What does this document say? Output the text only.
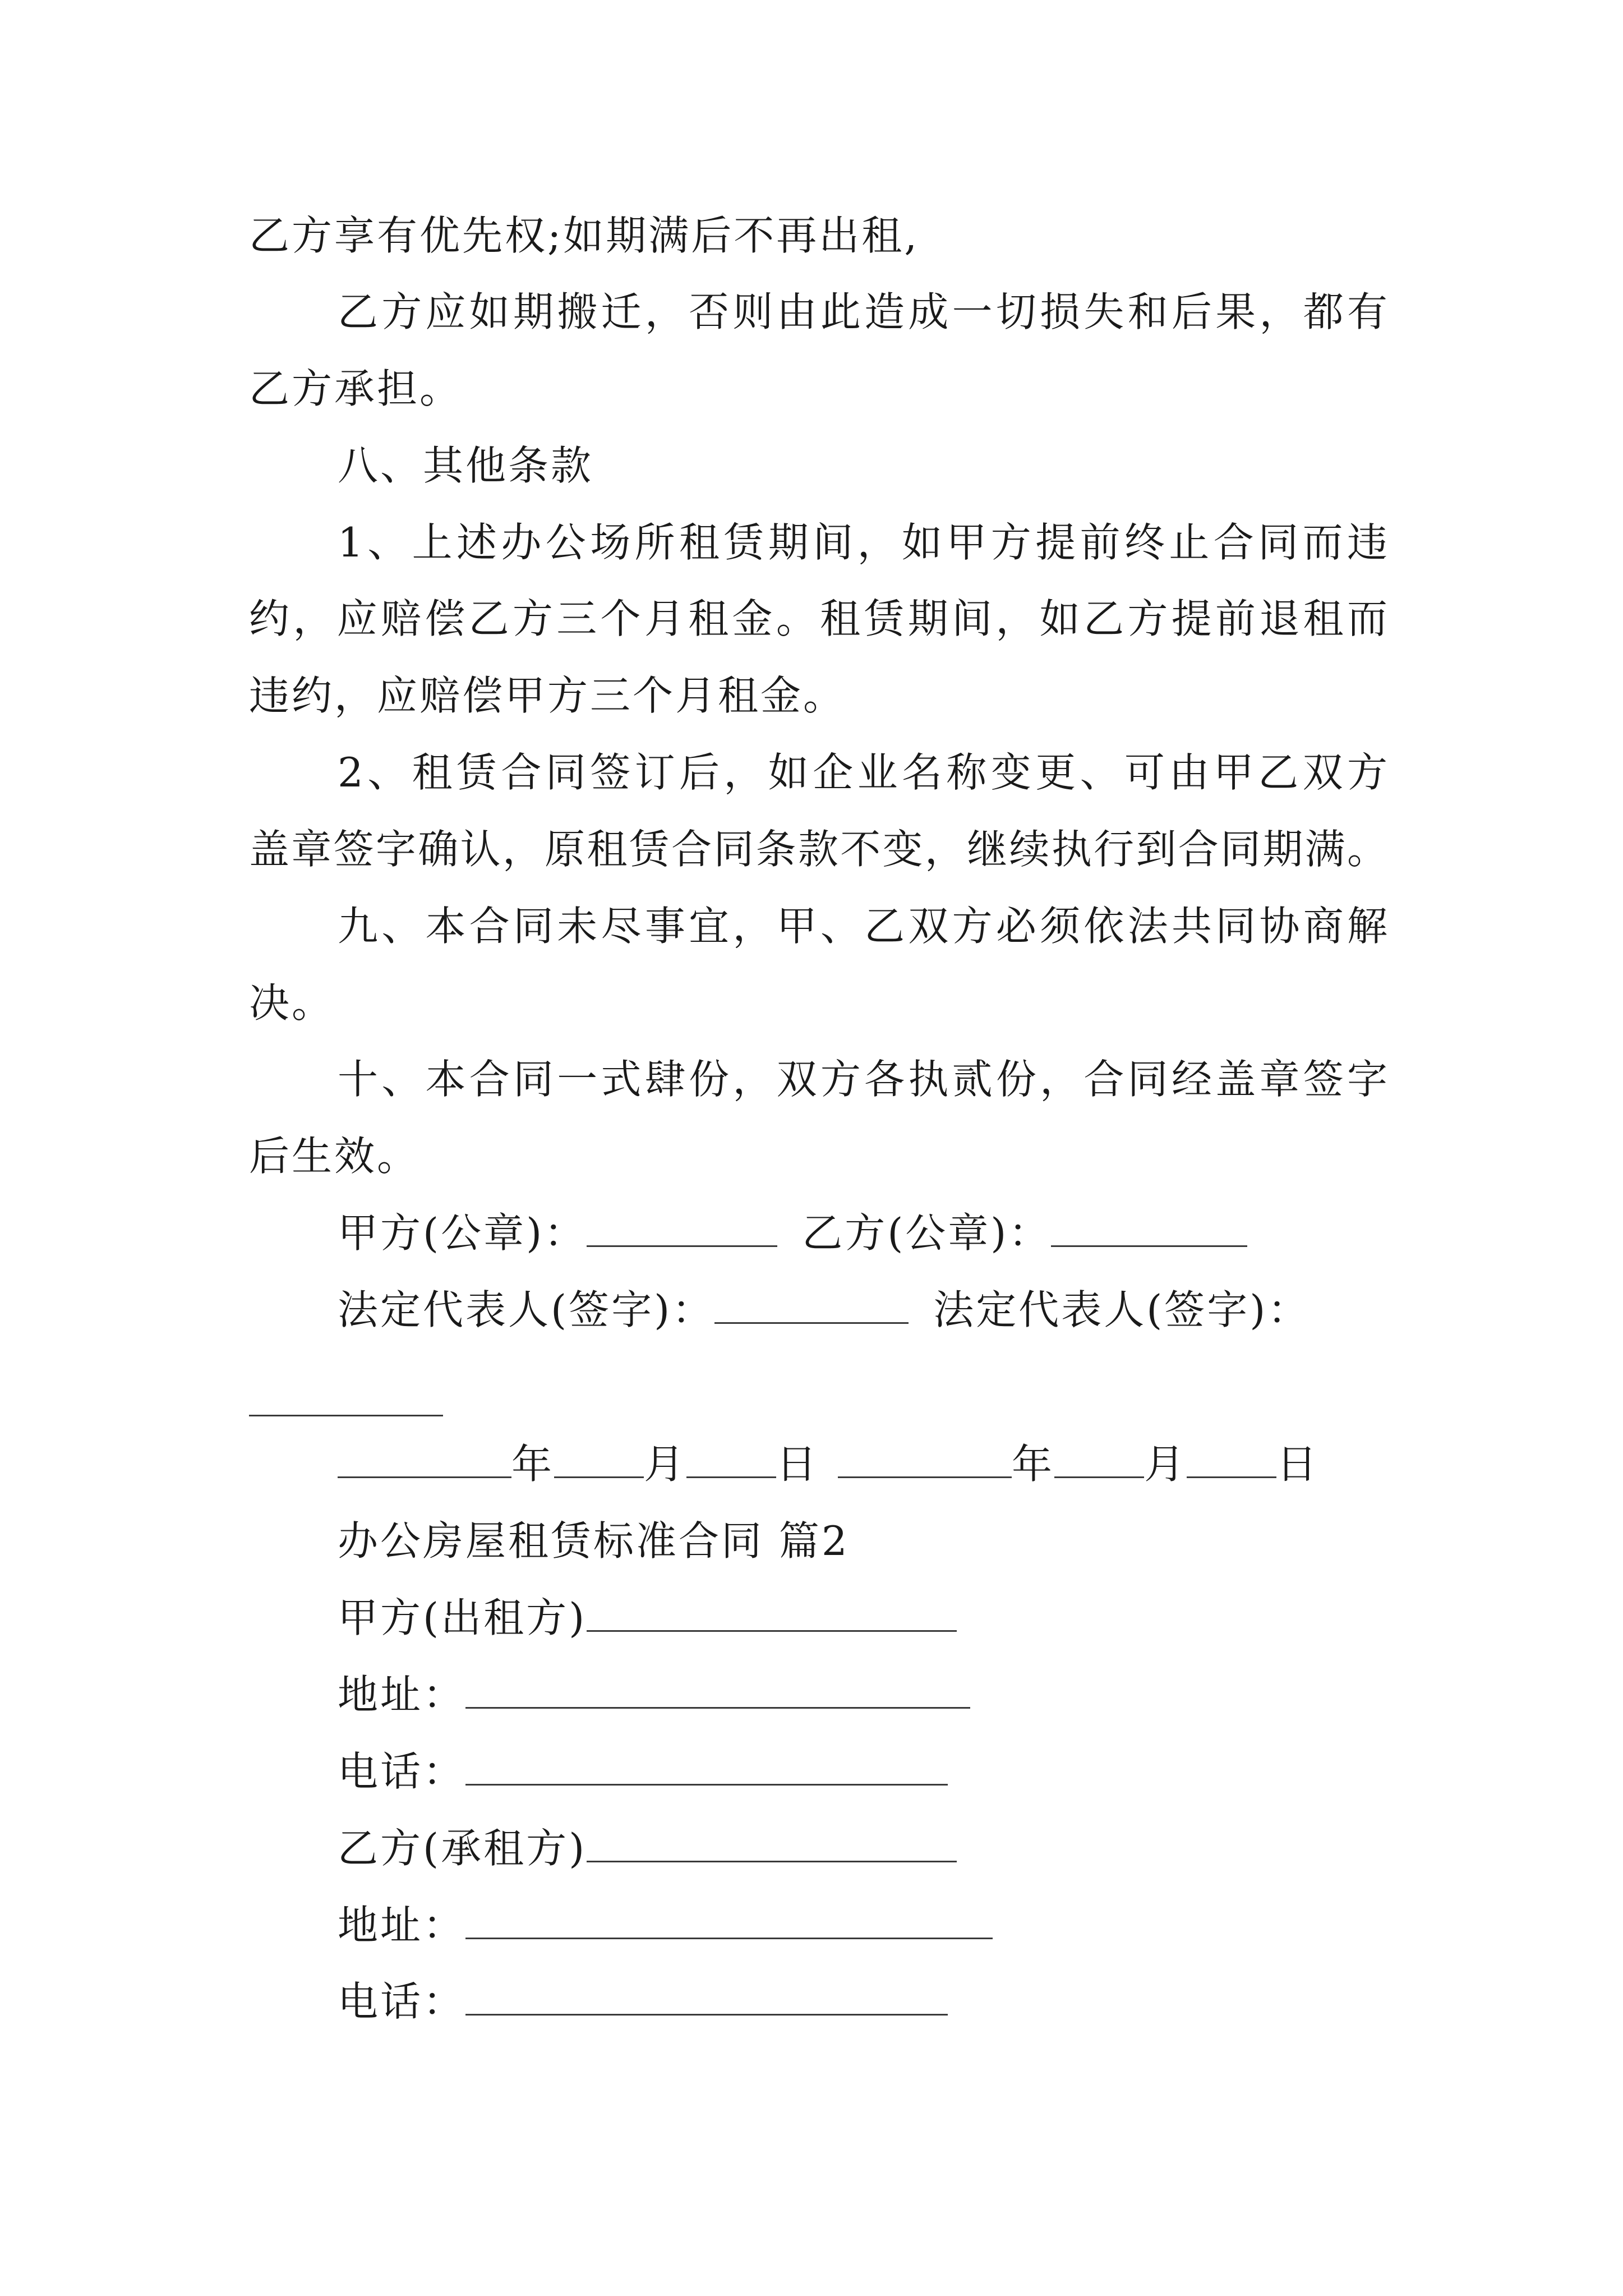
乙方享有优先权;如期满后不再出租,
乙方应如期搬迁，否则由此造成一切损失和后果，都有
乙方承担。
八、其他条款
1、上述办公场所租赁期间，如甲方提前终止合同而违
约，应赔偿乙方三个月租金。租赁期间，如乙方提前退租而
违约，应赔偿甲方三个月租金。
2、租赁合同签订后，如企业名称变更、可由甲乙双方
盖章签字确认，原租赁合同条款不变，继续执行到合同期满。
九、本合同未尽事宜，甲、乙双方必须依法共同协商解
决。
十、本合同一式肆份，双方各执贰份，合同经盖章签字
后生效。
甲方(公章)：	乙方(公章)：
法定代表人(签字)：	法定代表人(签字)：
年 月 日	年 月 日
办公房屋租赁标准合同 篇2
甲方(出租方)
地址：
电话：
乙方(承租方)
地址：
电话：
